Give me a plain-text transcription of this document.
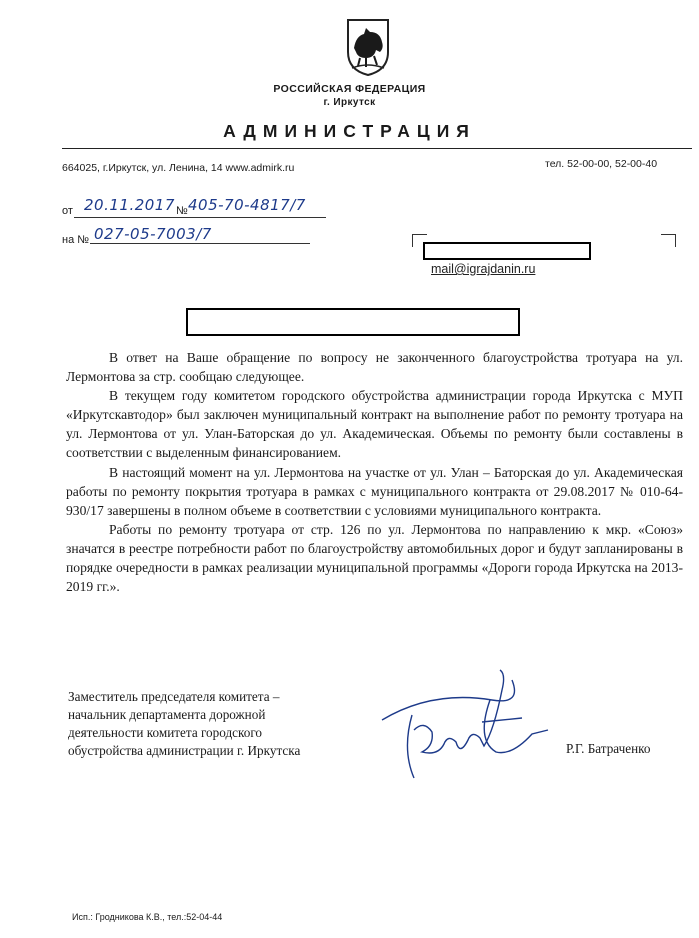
РОССИЙСКАЯ ФЕДЕРАЦИЯ
г. Иркутск
АДМИНИСТРАЦИЯ
664025, г.Иркутск, ул. Ленина, 14 www.admirk.ru	тел. 52-00-00, 52-00-40
от 20.11.2017 № 405-70-4817/7
на № 027-05-7003/7
mail@igrajdanin.ru

В ответ на Ваше обращение по вопросу не законченного благоустройства тротуара на ул. Лермонтова за стр. сообщаю следующее.

В текущем году комитетом городского обустройства администрации города Иркутска с МУП «Иркутскавтодор» был заключен муниципальный контракт на выполнение работ по ремонту тротуара на ул. Лермонтова от ул. Улан-Баторская до ул. Академическая. Объемы по ремонту были составлены в соответствии с выделенным финансированием.

В настоящий момент на ул. Лермонтова на участке от ул. Улан – Баторская до ул. Академическая работы по ремонту покрытия тротуара в рамках с муниципального контракта от 29.08.2017 № 010-64-930/17 завершены в полном объеме в соответствии с условиями муниципального контракта.

Работы по ремонту тротуара от стр. 126 по ул. Лермонтова по направлению к мкр. «Союз» значатся в реестре потребности работ по благоустройству автомобильных дорог и будут запланированы в порядке очередности в рамках реализации муниципальной программы «Дороги города Иркутска на 2013-2019 гг.».

Заместитель председателя комитета –
начальник департамента дорожной
деятельности комитета городского
обустройства администрации г. Иркутска	Р.Г. Батраченко
Исп.: Гродникова К.В., тел.:52-04-44
